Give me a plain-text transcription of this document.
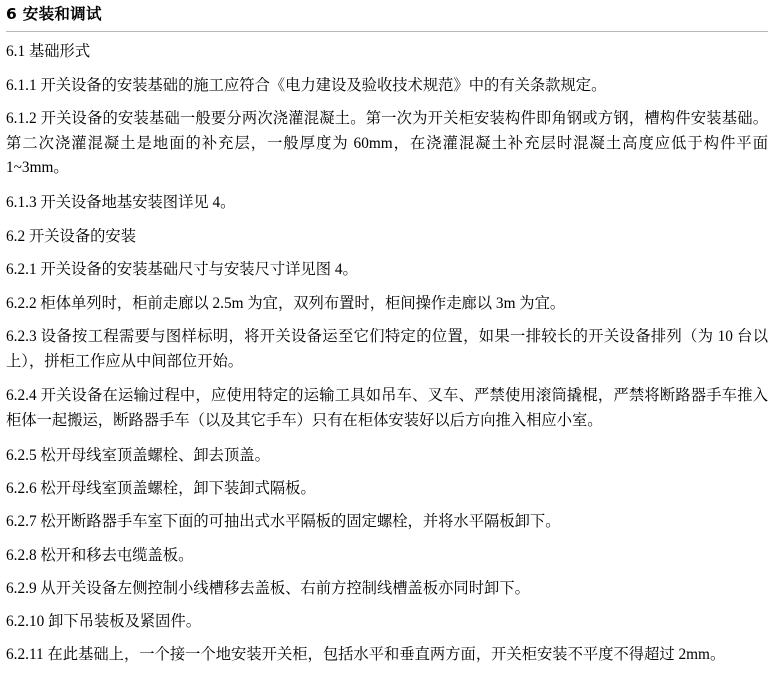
6 安装和调试

6.1 基础形式

6.1.1 开关设备的安装基础的施工应符合《电力建设及验收技术规范》中的有关条款规定。

6.1.2 开关设备的安装基础一般要分两次浇灌混凝土。第一次为开关柜安装构件即角钢或方钢，槽构件安装基础。第二次浇灌混凝土是地面的补充层，一般厚度为 60mm，在浇灌混凝土补充层时混凝土高度应低于构件平面 1~3mm。

6.1.3 开关设备地基安装图详见 4。

6.2 开关设备的安装

6.2.1 开关设备的安装基础尺寸与安装尺寸详见图 4。

6.2.2 柜体单列时，柜前走廊以 2.5m 为宜，双列布置时，柜间操作走廊以 3m 为宜。

6.2.3 设备按工程需要与图样标明，将开关设备运至它们特定的位置，如果一排较长的开关设备排列（为 10 台以上），拼柜工作应从中间部位开始。

6.2.4 开关设备在运输过程中，应使用特定的运输工具如吊车、叉车、严禁使用滚筒撬棍，严禁将断路器手车推入柜体一起搬运，断路器手车（以及其它手车）只有在柜体安装好以后方向推入相应小室。

6.2.5 松开母线室顶盖螺栓、卸去顶盖。

6.2.6 松开母线室顶盖螺栓，卸下装卸式隔板。

6.2.7 松开断路器手车室下面的可抽出式水平隔板的固定螺栓，并将水平隔板卸下。

6.2.8 松开和移去屯缆盖板。

6.2.9 从开关设备左侧控制小线槽移去盖板、右前方控制线槽盖板亦同时卸下。

6.2.10 卸下吊装板及紧固件。

6.2.11 在此基础上，一个接一个地安装开关柜，包括水平和垂直两方面，开关柜安装不平度不得超过 2mm。
